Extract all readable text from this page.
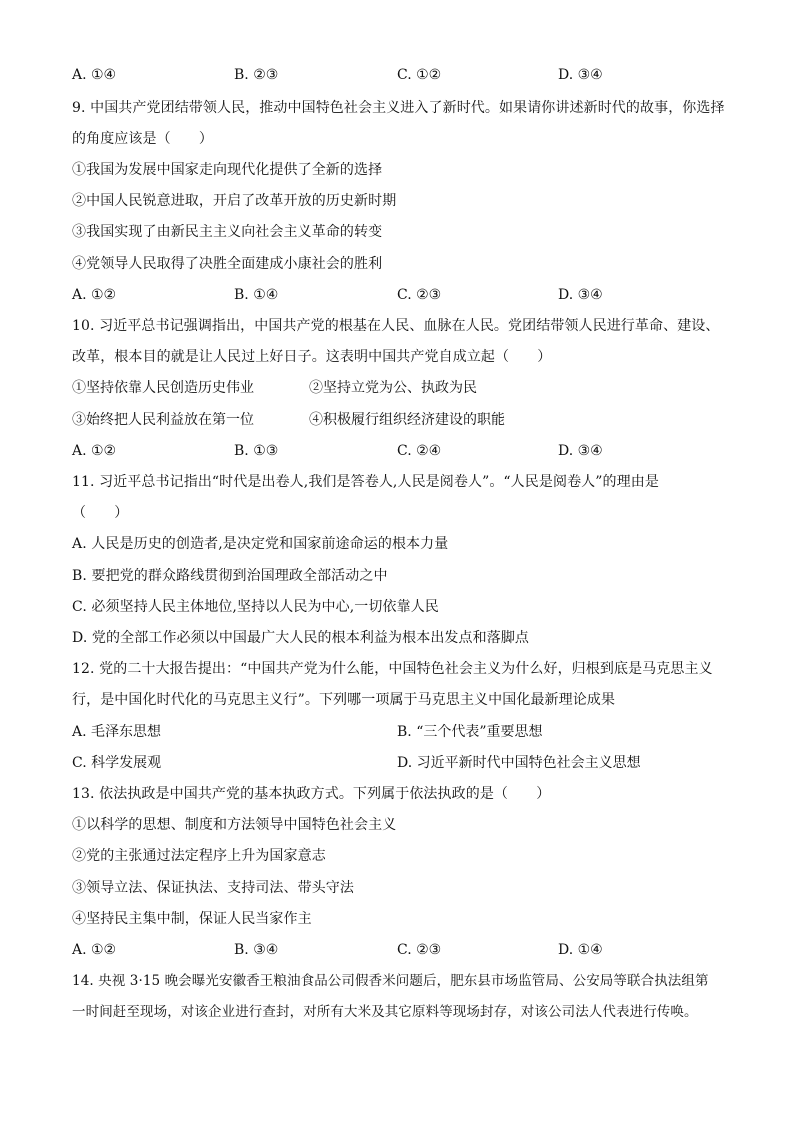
A. ①④	B. ②③	C. ①②	D. ③④
9. 中国共产党团结带领人民，推动中国特色社会主义进入了新时代。如果请你讲述新时代的故事，你选择
的角度应该是（　　）
①我国为发展中国家走向现代化提供了全新的选择
②中国人民锐意进取，开启了改革开放的历史新时期
③我国实现了由新民主主义向社会主义革命的转变
④党领导人民取得了决胜全面建成小康社会的胜利
A. ①②	B. ①④	C. ②③	D. ③④
10. 习近平总书记强调指出，中国共产党的根基在人民、血脉在人民。党团结带领人民进行革命、建设、
改革，根本目的就是让人民过上好日子。这表明中国共产党自成立起（　　）
①坚持依靠人民创造历史伟业	②坚持立党为公、执政为民
③始终把人民利益放在第一位	④积极履行组织经济建设的职能
A. ①②	B. ①③	C. ②④	D. ③④
11. 习近平总书记指出“时代是出卷人,我们是答卷人,人民是阅卷人”。“人民是阅卷人”的理由是
（　　）
A. 人民是历史的创造者,是决定党和国家前途命运的根本力量
B. 要把党的群众路线贯彻到治国理政全部活动之中
C. 必须坚持人民主体地位,坚持以人民为中心,一切依靠人民
D. 党的全部工作必须以中国最广大人民的根本利益为根本出发点和落脚点
12. 党的二十大报告提出：“中国共产党为什么能，中国特色社会主义为什么好，归根到底是马克思主义
行，是中国化时代化的马克思主义行”。下列哪一项属于马克思主义中国化最新理论成果
A. 毛泽东思想	B. “三个代表”重要思想
C. 科学发展观	D. 习近平新时代中国特色社会主义思想
13. 依法执政是中国共产党的基本执政方式。下列属于依法执政的是（　　）
①以科学的思想、制度和方法领导中国特色社会主义
②党的主张通过法定程序上升为国家意志
③领导立法、保证执法、支持司法、带头守法
④坚持民主集中制，保证人民当家作主
A. ①②	B. ③④	C. ②③	D. ①④
14. 央视 3·15 晚会曝光安徽香王粮油食品公司假香米问题后，肥东县市场监管局、公安局等联合执法组第
一时间赶至现场，对该企业进行查封，对所有大米及其它原料等现场封存，对该公司法人代表进行传唤。
